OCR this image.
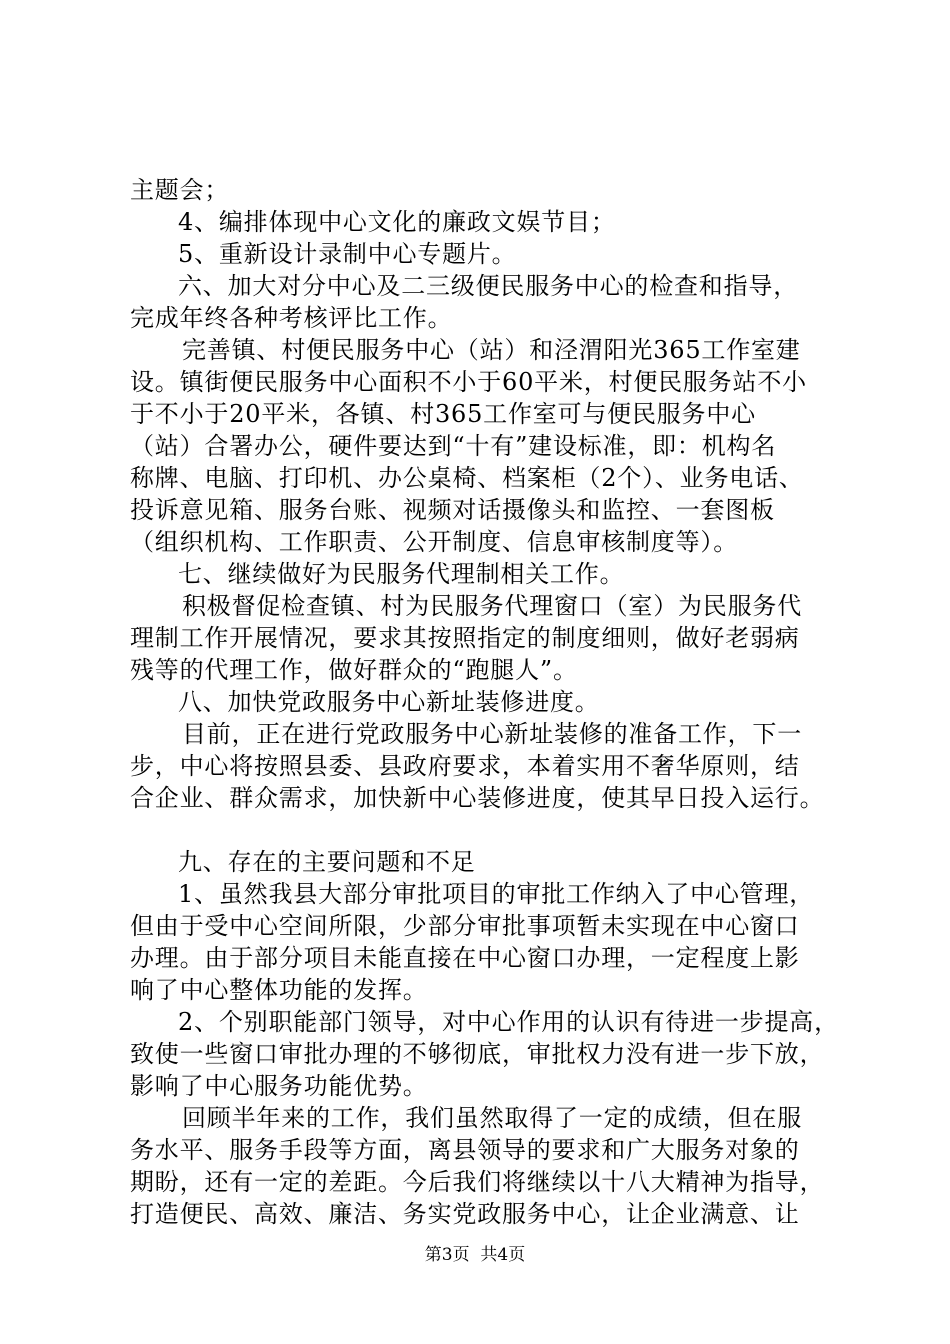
主题会；
4、编排体现中心文化的廉政文娱节目；
5、重新设计录制中心专题片。
六、加大对分中心及二三级便民服务中心的检查和指导，
完成年终各种考核评比工作。
完善镇、村便民服务中心（站）和泾渭阳光365工作室建
设。镇街便民服务中心面积不小于60平米，村便民服务站不小
于不小于20平米，各镇、村365工作室可与便民服务中心
（站）合署办公，硬件要达到“十有”建设标准，即：机构名
称牌、电脑、打印机、办公桌椅、档案柜（2个）、业务电话、
投诉意见箱、服务台账、视频对话摄像头和监控、一套图板
（组织机构、工作职责、公开制度、信息审核制度等）。
七、继续做好为民服务代理制相关工作。
积极督促检查镇、村为民服务代理窗口（室）为民服务代
理制工作开展情况，要求其按照指定的制度细则，做好老弱病
残等的代理工作，做好群众的“跑腿人”。
八、加快党政服务中心新址装修进度。
目前，正在进行党政服务中心新址装修的准备工作，下一
步，中心将按照县委、县政府要求，本着实用不奢华原则，结
合企业、群众需求，加快新中心装修进度，使其早日投入运行。
九、存在的主要问题和不足
1、虽然我县大部分审批项目的审批工作纳入了中心管理，
但由于受中心空间所限，少部分审批事项暂未实现在中心窗口
办理。由于部分项目未能直接在中心窗口办理，一定程度上影
响了中心整体功能的发挥。
2、个别职能部门领导，对中心作用的认识有待进一步提高，
致使一些窗口审批办理的不够彻底，审批权力没有进一步下放，
影响了中心服务功能优势。
回顾半年来的工作，我们虽然取得了一定的成绩，但在服
务水平、服务手段等方面，离县领导的要求和广大服务对象的
期盼，还有一定的差距。今后我们将继续以十八大精神为指导，
打造便民、高效、廉洁、务实党政服务中心，让企业满意、让
第3页  共4页
